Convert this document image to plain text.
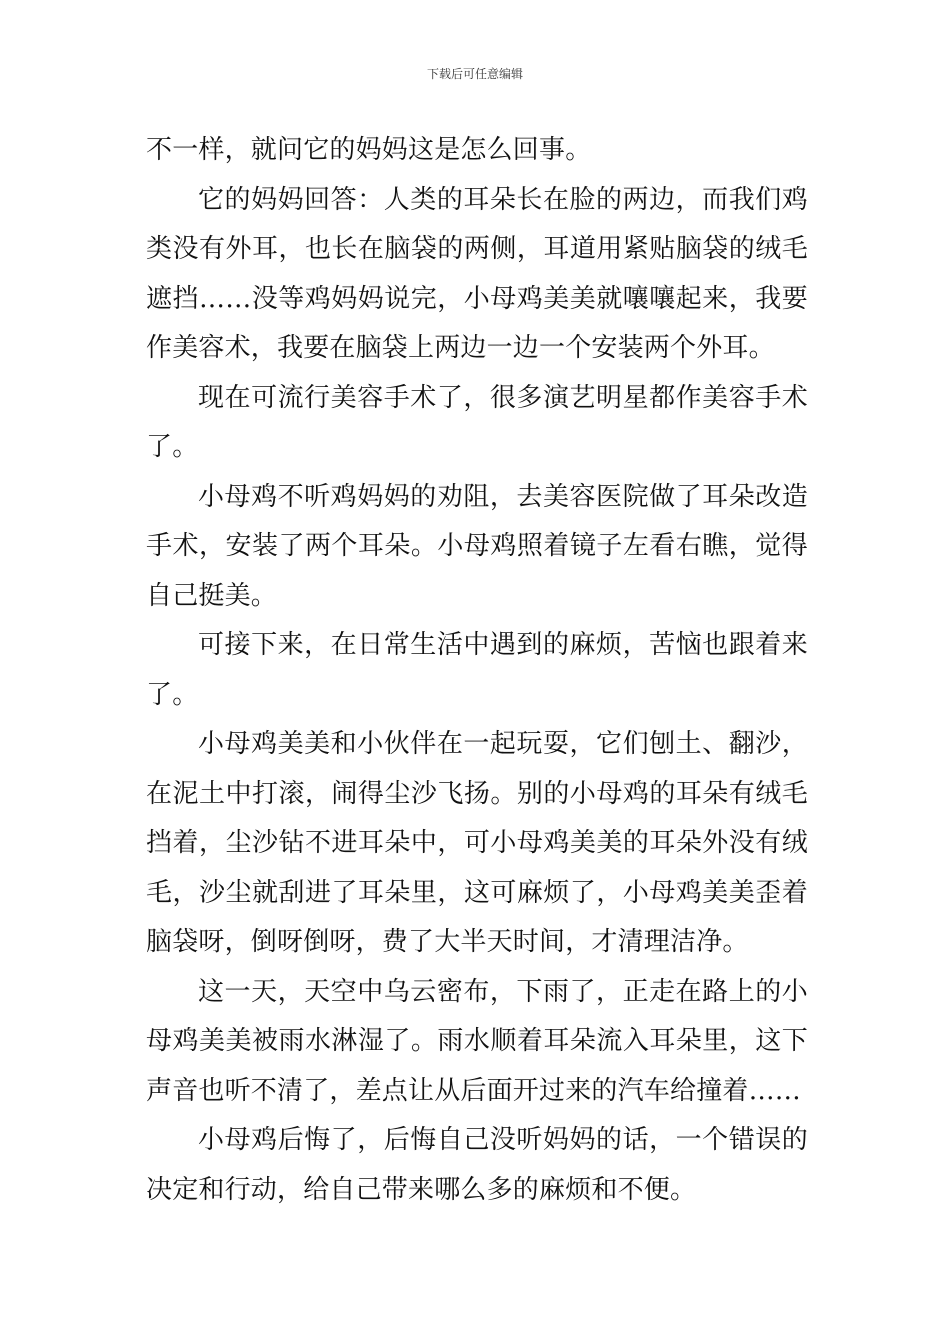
下载后可任意编辑

不一样，就问它的妈妈这是怎么回事。

它的妈妈回答：人类的耳朵长在脸的两边，而我们鸡类没有外耳，也长在脑袋的两侧，耳道用紧贴脑袋的绒毛遮挡……没等鸡妈妈说完，小母鸡美美就嚷嚷起来，我要作美容术，我要在脑袋上两边一边一个安装两个外耳。

现在可流行美容手术了，很多演艺明星都作美容手术了。

小母鸡不听鸡妈妈的劝阻，去美容医院做了耳朵改造手术，安装了两个耳朵。小母鸡照着镜子左看右瞧，觉得自己挺美。

可接下来，在日常生活中遇到的麻烦，苦恼也跟着来了。

小母鸡美美和小伙伴在一起玩耍，它们刨土、翻沙，在泥土中打滚，闹得尘沙飞扬。别的小母鸡的耳朵有绒毛挡着，尘沙钻不进耳朵中，可小母鸡美美的耳朵外没有绒毛，沙尘就刮进了耳朵里，这可麻烦了，小母鸡美美歪着脑袋呀，倒呀倒呀，费了大半天时间，才清理洁净。

这一天，天空中乌云密布，下雨了，正走在路上的小母鸡美美被雨水淋湿了。雨水顺着耳朵流入耳朵里，这下声音也听不清了，差点让从后面开过来的汽车给撞着……

小母鸡后悔了，后悔自己没听妈妈的话，一个错误的决定和行动，给自己带来哪么多的麻烦和不便。
